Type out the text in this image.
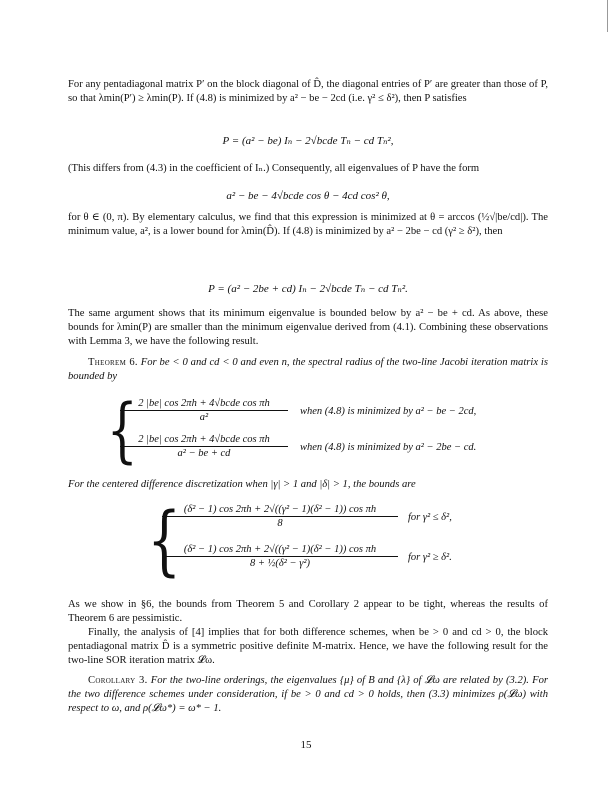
For any pentadiagonal matrix P′ on the block diagonal of D̂, the diagonal entries of P′ are greater than those of P, so that λmin(P′) ≥ λmin(P). If (4.8) is minimized by a² − be − 2cd (i.e. γ² ≤ δ²), then P satisfies

P = (a² − be) Iₙ − 2√bcde Tₙ − cd Tₙ²,

(This differs from (4.3) in the coefficient of Iₙ.) Consequently, all eigenvalues of P have the form

a² − be − 4√bcde cos θ − 4cd cos² θ,

for θ ∈ (0, π). By elementary calculus, we find that this expression is minimized at θ = arccos (½√|be/cd|). The minimum value, a², is a lower bound for λmin(D̂). If (4.8) is minimized by a² − 2be − cd (γ² ≥ δ²), then

P = (a² − 2be + cd) Iₙ − 2√bcde Tₙ − cd Tₙ².

The same argument shows that its minimum eigenvalue is bounded below by a² − be + cd. As above, these bounds for λmin(P) are smaller than the minimum eigenvalue derived from (4.1). Combining these observations with Lemma 3, we have the following result.

Theorem 6. For be < 0 and cd < 0 and even n, the spectral radius of the two-line Jacobi iteration matrix is bounded by

{ 2 |be| cos 2πh + 4√bcde cos πh
a²
when (4.8) is minimized by a² − be − 2cd,
2 |be| cos 2πh + 4√bcde cos πh
a² − be + cd
when (4.8) is minimized by a² − 2be − cd.

For the centered difference discretization when |γ| > 1 and |δ| > 1, the bounds are

{
$\frac{\text{(δ² − 1) cos 2πh + 2√((γ² − 1)(δ² − 1)) cos πh}}{8}$ for γ² ≤ δ²,
$\frac{\text{(δ² − 1) cos 2πh + 2√((γ² − 1)(δ² − 1)) cos πh}}{\text{8 + ½(δ² − γ²)}}$ for γ² ≥ δ².

As we show in §6, the bounds from Theorem 5 and Corollary 2 appear to be tight, whereas the results of Theorem 6 are pessimistic.

Finally, the analysis of [4] implies that for both difference schemes, when be > 0 and cd > 0, the block pentadiagonal matrix D̂ is a symmetric positive definite M-matrix. Hence, we have the following result for the two-line SOR iteration matrix 𝓛ω.

Corollary 3. For the two-line orderings, the eigenvalues {μ} of B and {λ} of 𝓛ω are related by (3.2). For the two difference schemes under consideration, if be > 0 and cd > 0 holds, then (3.3) minimizes ρ(𝓛ω) with respect to ω, and ρ(𝓛ω*) = ω* − 1.

15
